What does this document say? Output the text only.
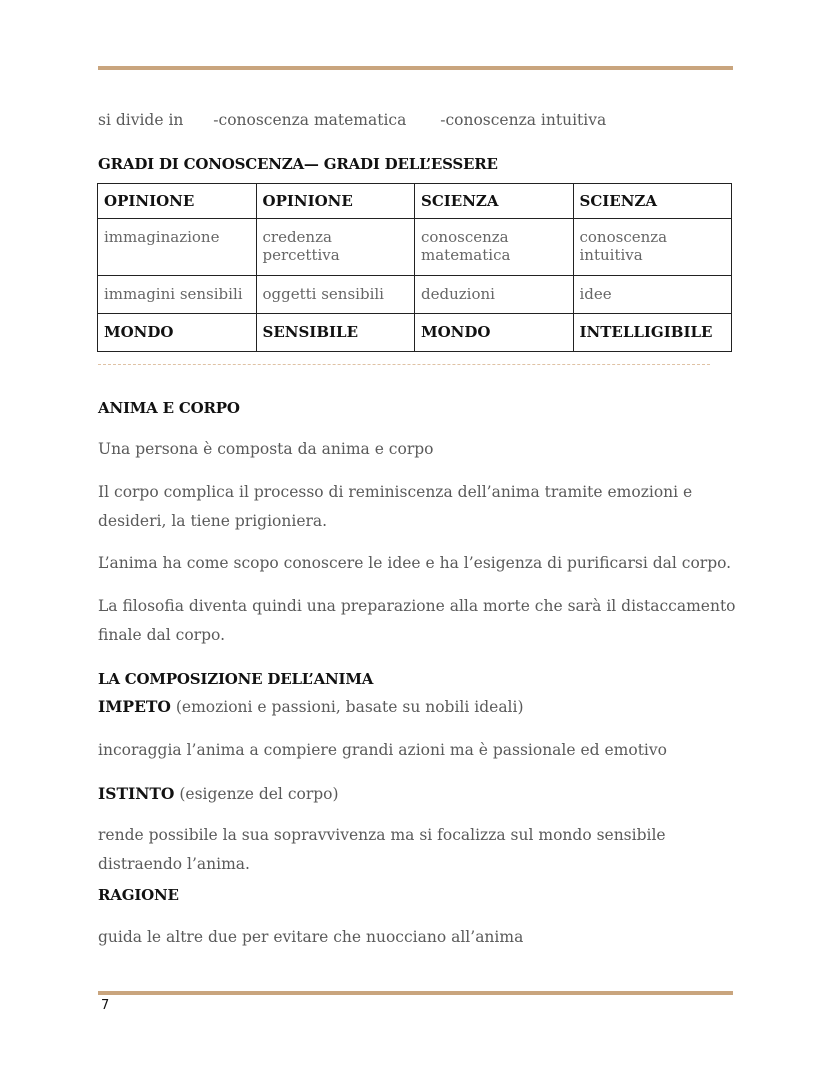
si divide in -conoscenza matematica -conoscenza intuitiva
GRADI DI CONOSCENZA— GRADI DELL’ESSERE
OPINIONE	OPINIONE	SCIENZA	SCIENZA
immaginazione	credenza percettiva	conoscenza matematica	conoscenza intuitiva
immagini sensibili	oggetti sensibili	deduzioni	idee
MONDO	SENSIBILE	MONDO	INTELLIGIBILE
ANIMA E CORPO
Una persona è composta da anima e corpo
Il corpo complica il processo di reminiscenza dell’anima tramite emozioni e desideri, la tiene prigioniera.
L’anima ha come scopo conoscere le idee e ha l’esigenza di purificarsi dal corpo.
La filosofia diventa quindi una preparazione alla morte che sarà il distaccamento finale dal corpo.
LA COMPOSIZIONE DELL’ANIMA
IMPETO (emozioni e passioni, basate su nobili ideali)
incoraggia l’anima a compiere grandi azioni ma è passionale ed emotivo
ISTINTO (esigenze del corpo)
rende possibile la sua sopravvivenza ma si focalizza sul mondo sensibile distraendo l’anima.
RAGIONE
guida le altre due per evitare che nuocciano all’anima
7
